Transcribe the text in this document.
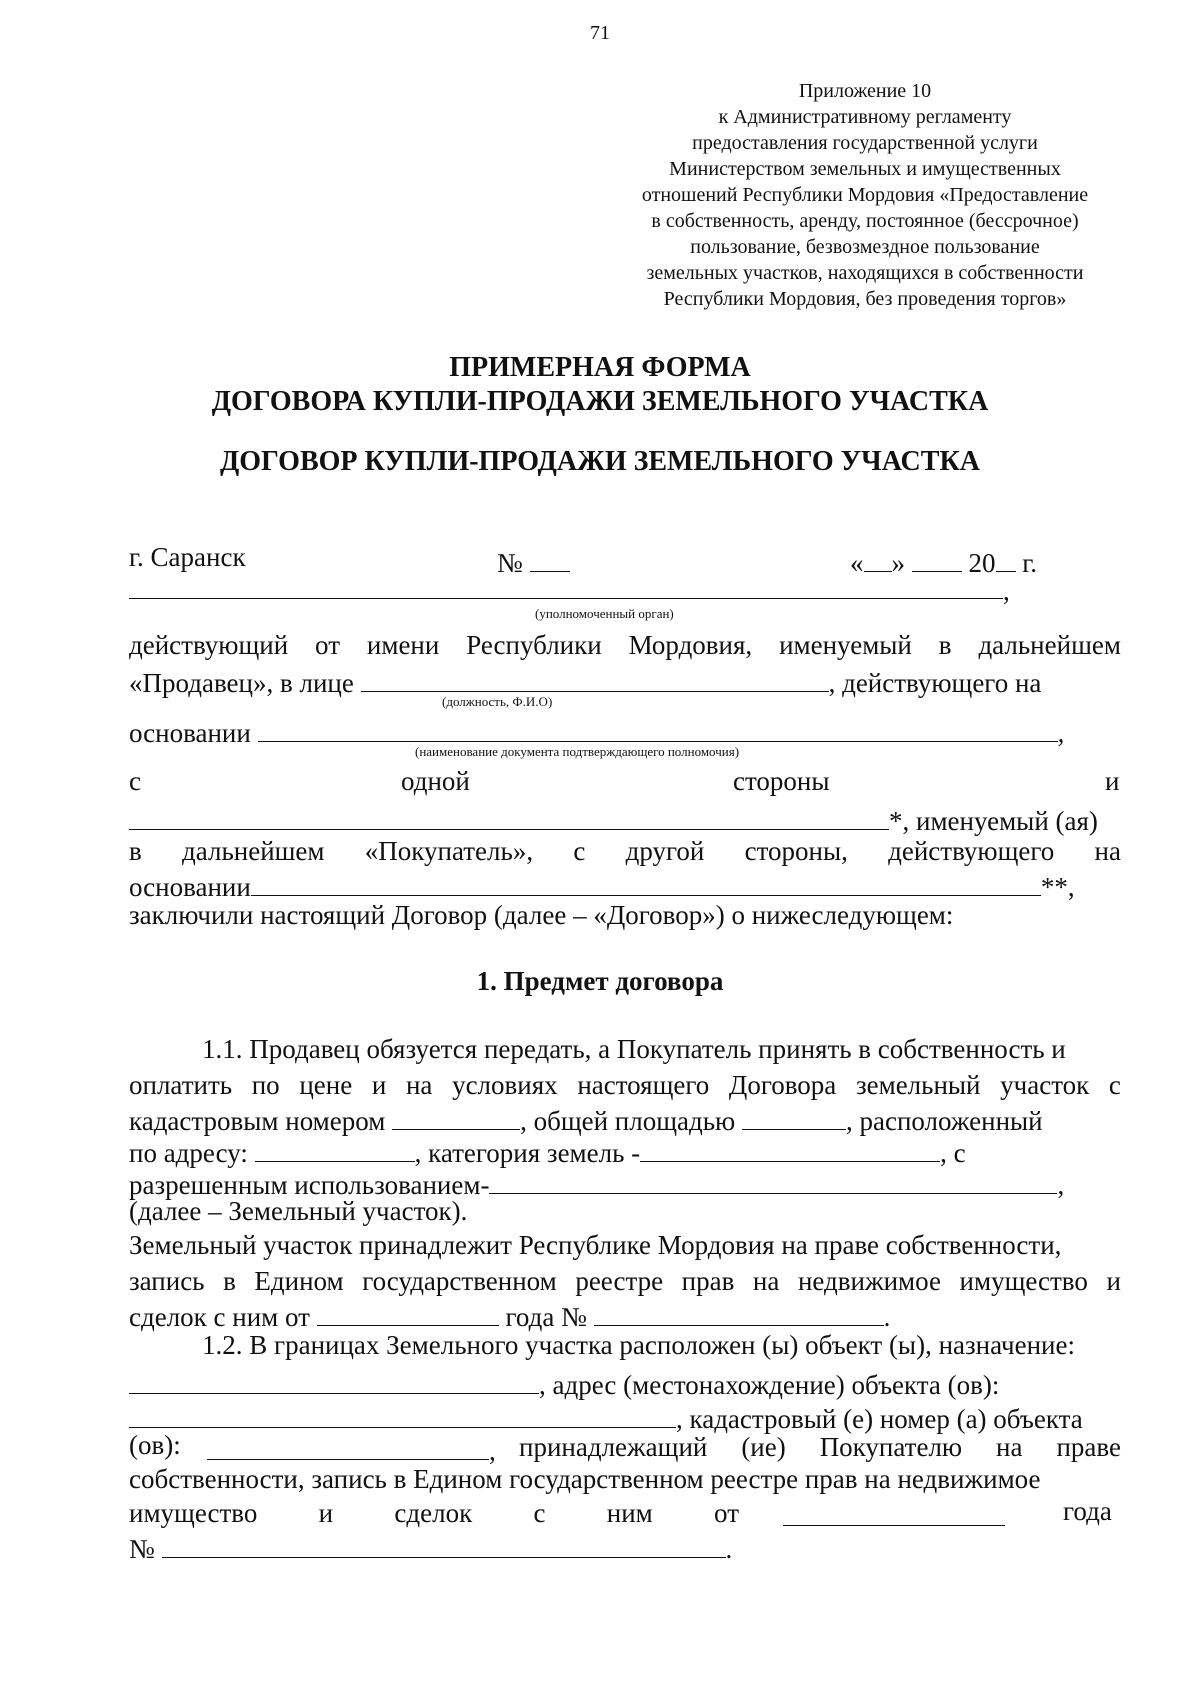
71
Приложение 10
к Административному регламенту
предоставления государственной услуги
Министерством земельных и имущественных
отношений Республики Мордовия «Предоставление
в собственность, аренду, постоянное (бессрочное)
пользование, безвозмездное пользование
земельных участков, находящихся в собственности
Республики Мордовия, без проведения торгов»
ПРИМЕРНАЯ ФОРМА
ДОГОВОРА КУПЛИ-ПРОДАЖИ ЗЕМЕЛЬНОГО УЧАСТКА
ДОГОВОР КУПЛИ-ПРОДАЖИ ЗЕМЕЛЬНОГО УЧАСТКА
г. Саранск	№	« » 20 г.
,
(уполномоченный орган)
действующий от имени Республики Мордовия, именуемый в дальнейшем
«Продавец», в лице	, действующего на
(должность, Ф.И.О)
основании	,
(наименование документа подтверждающего полномочия)
с	одной	стороны	и
*, именуемый (ая)
в дальнейшем «Покупатель», с другой стороны, действующего на
основании	**,
заключили настоящий Договор (далее – «Договор») о нижеследующем:
1. Предмет договора
1.1. Продавец обязуется передать, а Покупатель принять в собственность и
оплатить по цене и на условиях настоящего Договора земельный участок с
кадастровым номером	, общей площадью	, расположенный
по адресу:	, категория земель -	, с
разрешенным использованием-	,
(далее – Земельный участок).
Земельный участок принадлежит Республике Мордовия на праве собственности,
запись в Едином государственном реестре прав на недвижимое имущество и
сделок с ним от	года №	.
1.2. В границах Земельного участка расположен (ы) объект (ы), назначение:
, адрес (местонахождение) объекта (ов):
, кадастровый (е) номер (а) объекта
(ов):	, принадлежащий (ие) Покупателю на праве
собственности, запись в Едином государственном реестре прав на недвижимое
имущество и сделок с ним от	года
№	.
